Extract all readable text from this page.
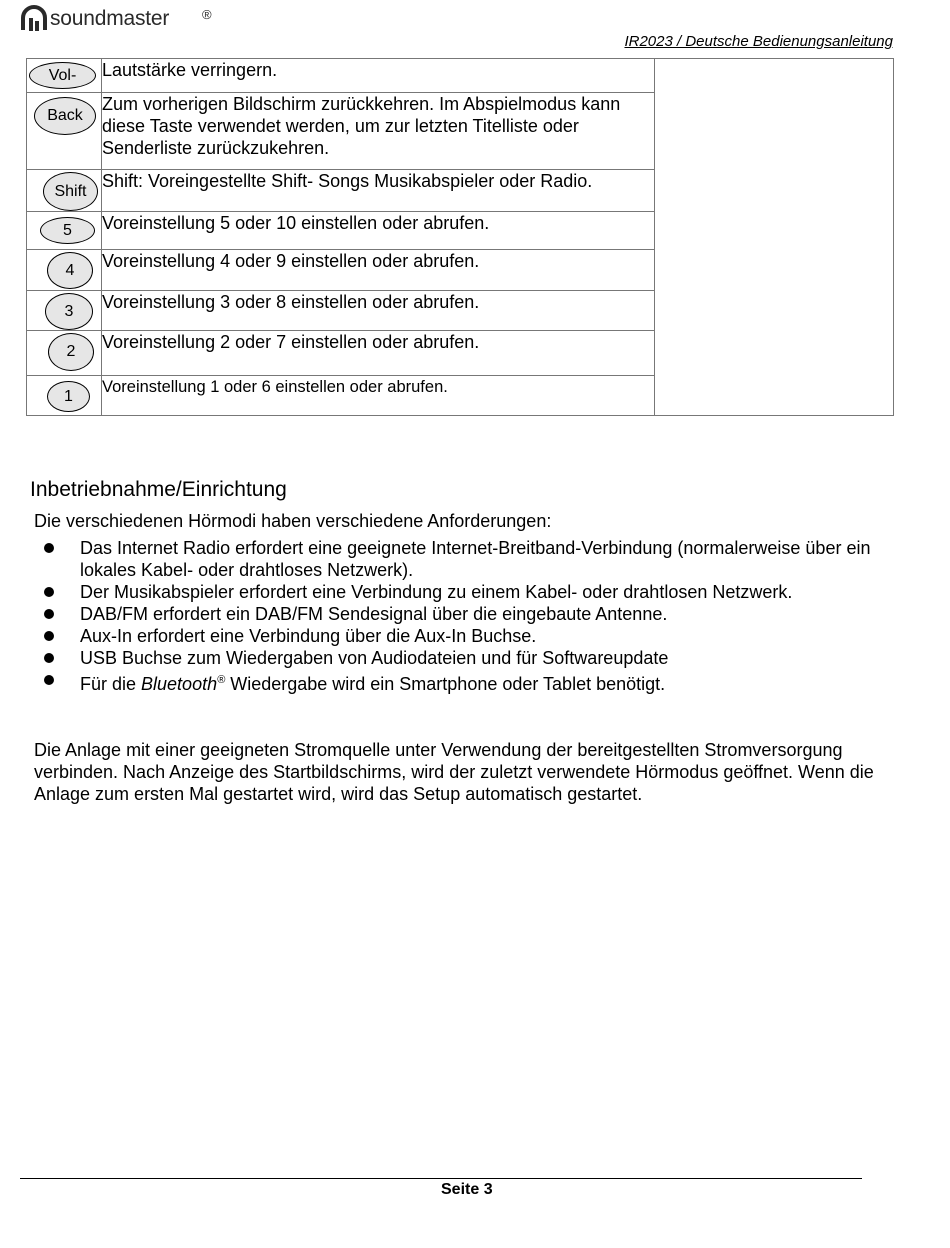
soundmaster	®
IR2023 / Deutsche Bedienungsanleitung
Vol-	Lautstärke verringern.	

Back	Zum vorherigen Bildschirm zurückkehren. Im Abspielmodus kann diese Taste verwendet werden, um zur letzten Titelliste oder Senderliste zurückzukehren.	

Shift	Shift: Voreingestellte Shift- Songs Musikabspieler oder Radio.	

5	Voreinstellung 5 oder 10 einstellen oder abrufen.	

4	Voreinstellung 4 oder 9 einstellen oder abrufen.	

3	Voreinstellung 3 oder 8 einstellen oder abrufen.	

2	Voreinstellung 2 oder 7 einstellen oder abrufen.	

1	Voreinstellung 1 oder 6 einstellen oder abrufen.	
Inbetriebnahme/Einrichtung
Die verschiedenen Hörmodi haben verschiedene Anforderungen:
Das Internet Radio erfordert eine geeignete Internet-Breitband-Verbindung (normalerweise über ein lokales Kabel- oder drahtloses Netzwerk).
Der Musikabspieler erfordert eine Verbindung zu einem Kabel- oder drahtlosen Netzwerk.
DAB/FM erfordert ein DAB/FM Sendesignal über die eingebaute Antenne.
Aux-In erfordert eine Verbindung über die Aux-In Buchse.
USB Buchse zum Wiedergaben von Audiodateien und für Softwareupdate
Für die Bluetooth® Wiedergabe wird ein Smartphone oder Tablet benötigt.
Die Anlage mit einer geeigneten Stromquelle unter Verwendung der bereitgestellten Stromversorgung verbinden. Nach Anzeige des Startbildschirms, wird der zuletzt verwendete Hörmodus geöffnet. Wenn die Anlage zum ersten Mal gestartet wird, wird das Setup automatisch gestartet.
Seite 3
